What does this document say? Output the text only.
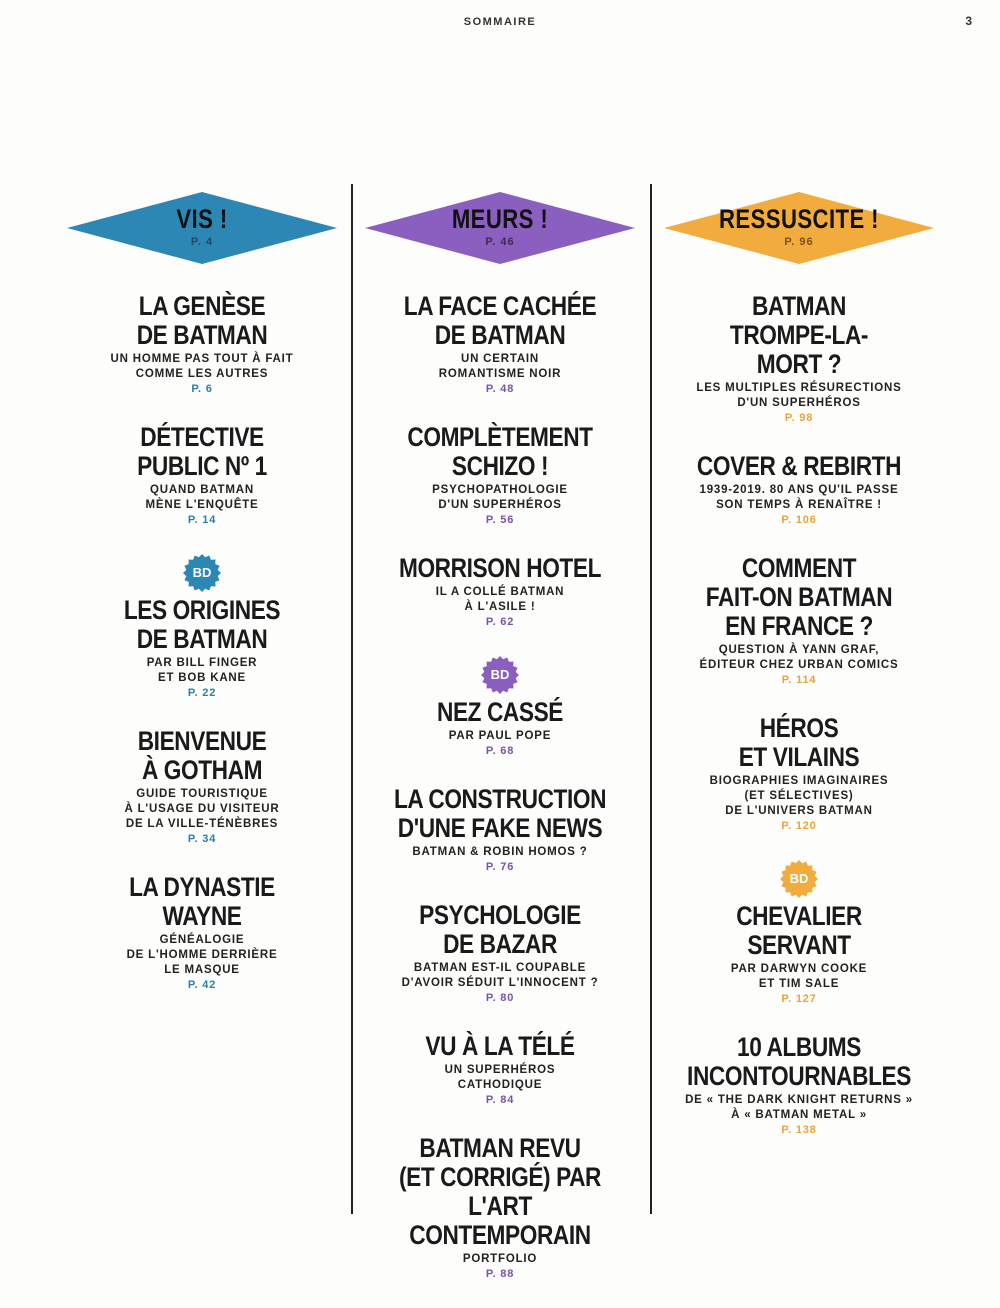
SOMMAIRE	3
VIS !
P. 4
LA GENÈSE
DE BATMAN
UN HOMME PAS TOUT À FAIT
COMME LES AUTRES
P. 6
DÉTECTIVE
PUBLIC Nº 1
QUAND BATMAN
MÈNE L'ENQUÊTE
P. 14
BD
LES ORIGINES
DE BATMAN
PAR BILL FINGER
ET BOB KANE
P. 22
BIENVENUE
À GOTHAM
GUIDE TOURISTIQUE
À L'USAGE DU VISITEUR
DE LA VILLE-TÉNÈBRES
P. 34
LA DYNASTIE
WAYNE
GÉNÉALOGIE
DE L'HOMME DERRIÈRE
LE MASQUE
P. 42
MEURS !
P. 46
LA FACE CACHÉE
DE BATMAN
UN CERTAIN
ROMANTISME NOIR
P. 48
COMPLÈTEMENT
SCHIZO !
PSYCHOPATHOLOGIE
D'UN SUPERHÉROS
P. 56
MORRISON HOTEL
IL A COLLÉ BATMAN
À L'ASILE !
P. 62
BD
NEZ CASSÉ
PAR PAUL POPE
P. 68
LA CONSTRUCTION
D'UNE FAKE NEWS
BATMAN & ROBIN HOMOS ?
P. 76
PSYCHOLOGIE
DE BAZAR
BATMAN EST-IL COUPABLE
D'AVOIR SÉDUIT L'INNOCENT ?
P. 80
VU À LA TÉLÉ
UN SUPERHÉROS
CATHODIQUE
P. 84
BATMAN REVU
(ET CORRIGÉ) PAR
L'ART CONTEMPORAIN
PORTFOLIO
P. 88
RESSUSCITE !
P. 96
BATMAN
TROMPE-LA-
MORT ?
LES MULTIPLES RÉSURECTIONS
D'UN SUPERHÉROS
P. 98
COVER & REBIRTH
1939-2019. 80 ANS QU'IL PASSE
SON TEMPS À RENAÎTRE !
P. 106
COMMENT
FAIT-ON BATMAN
EN FRANCE ?
QUESTION À YANN GRAF,
ÉDITEUR CHEZ URBAN COMICS
P. 114
HÉROS
ET VILAINS
BIOGRAPHIES IMAGINAIRES
(ET SÉLECTIVES)
DE L'UNIVERS BATMAN
P. 120
BD
CHEVALIER
SERVANT
PAR DARWYN COOKE
ET TIM SALE
P. 127
10 ALBUMS
INCONTOURNABLES
DE « THE DARK KNIGHT RETURNS »
À « BATMAN METAL »
P. 138
